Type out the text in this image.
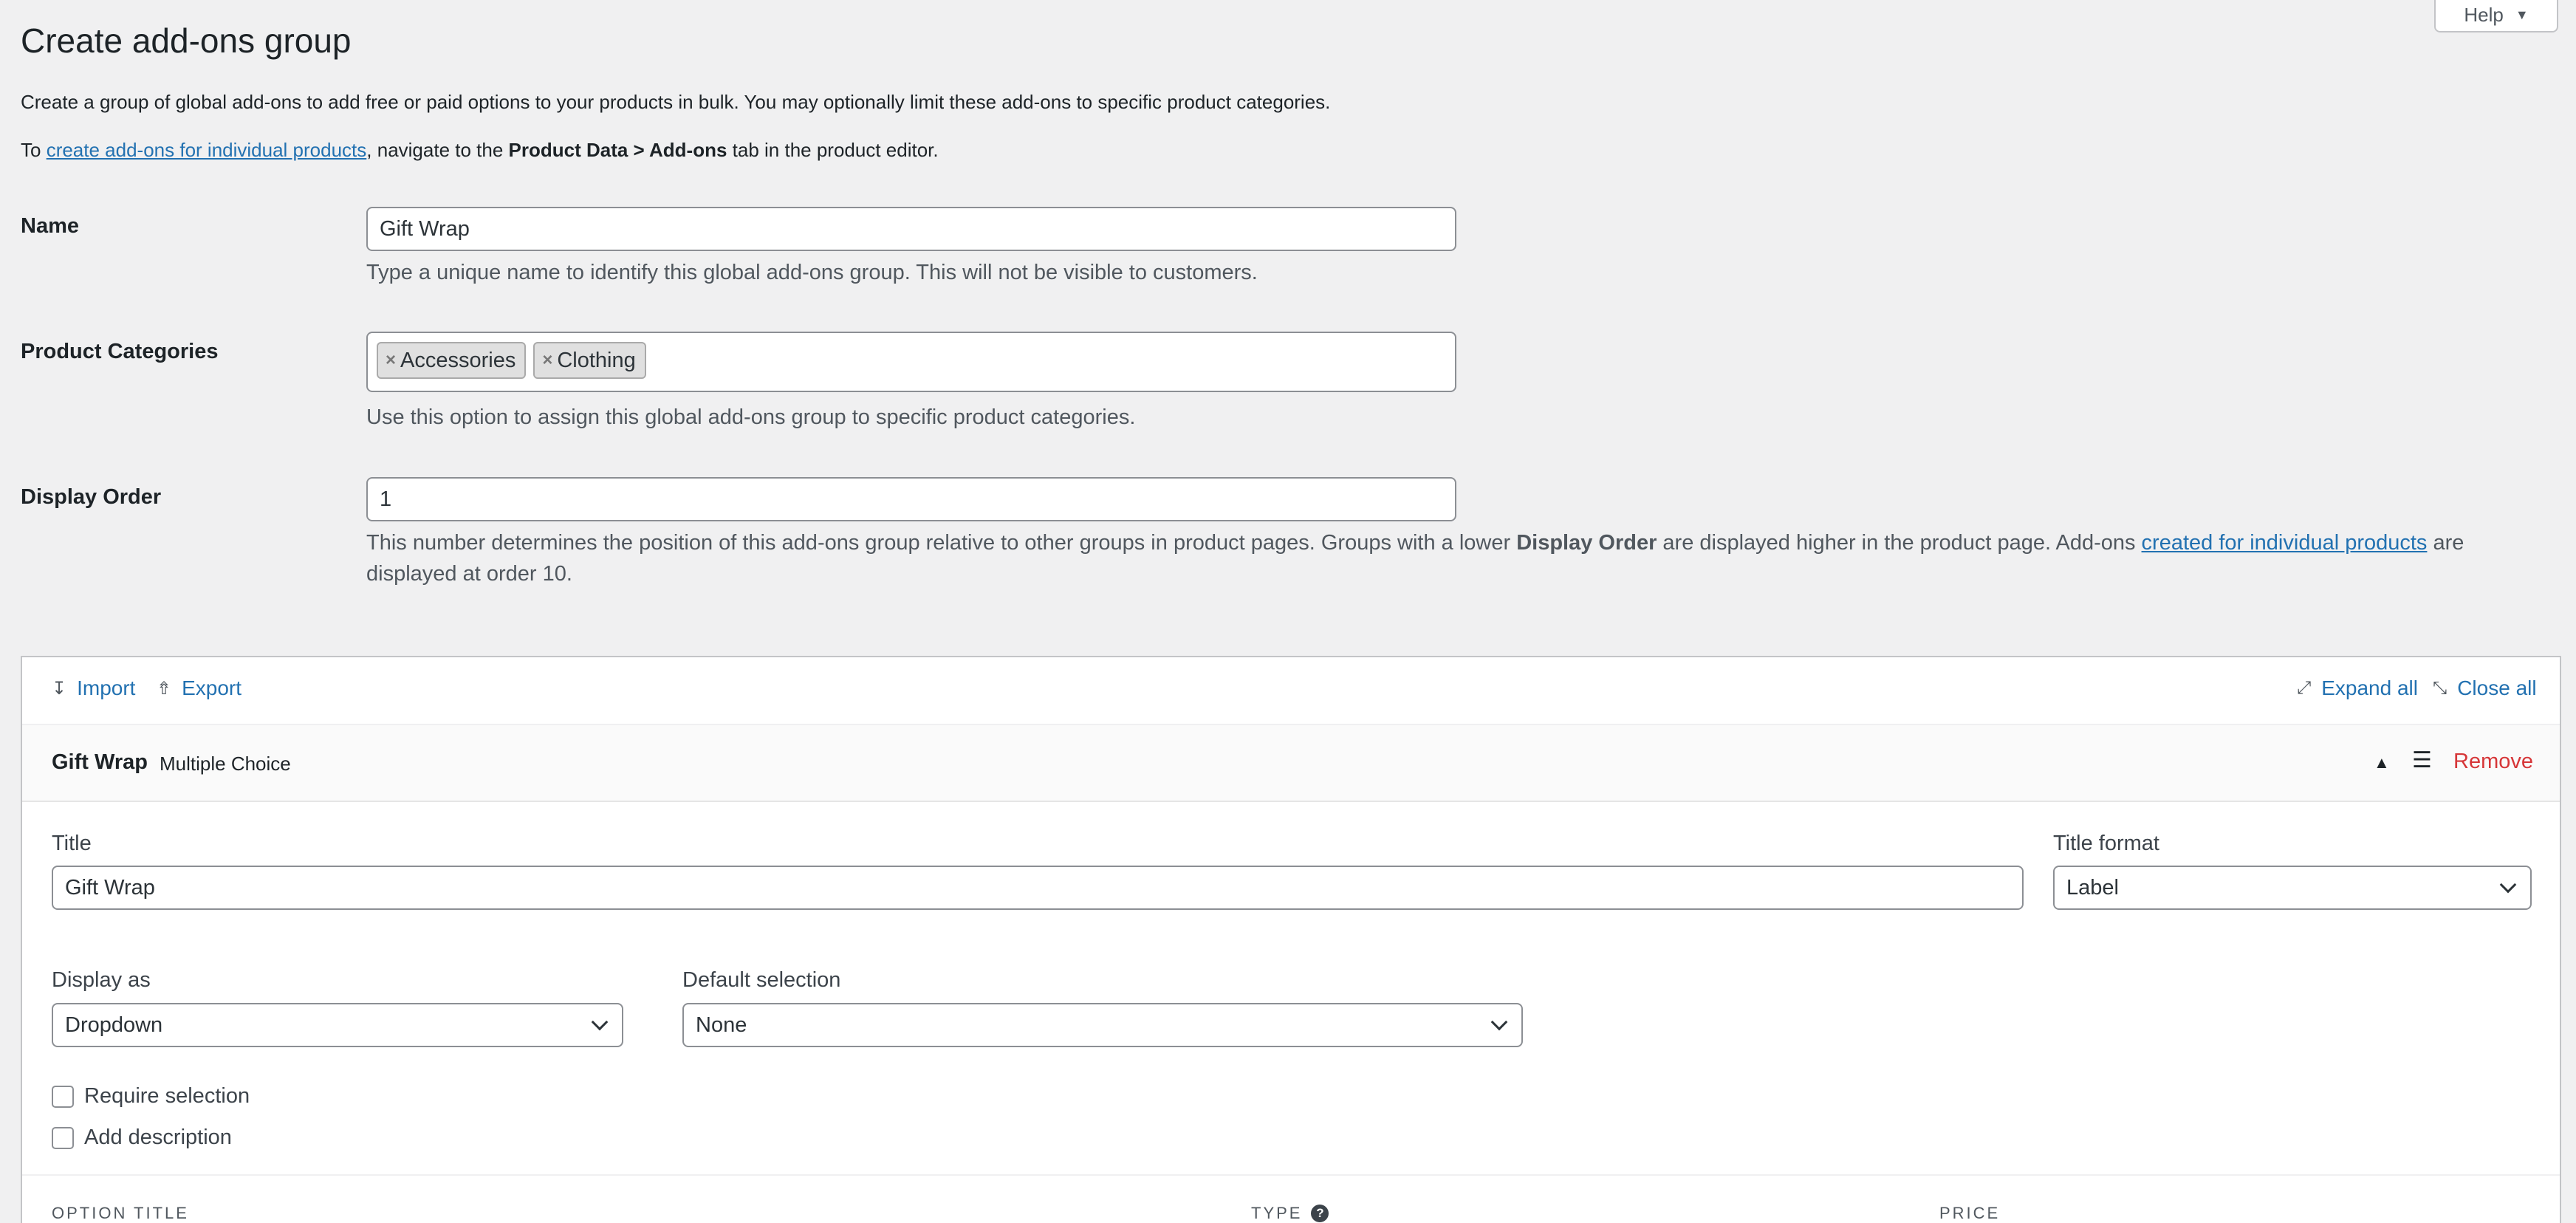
Help ▼
Create add-ons group

Create a group of global add-ons to add free or paid options to your products in bulk. You may optionally limit these add-ons to specific product categories.

To create add-ons for individual products, navigate to the Product Data > Add-ons tab in the product editor.

Name	Gift Wrap

Type a unique name to identify this global add-ons group. This will not be visible to customers.

Product Categories	× Accessories × Clothing

Use this option to assign this global add-ons group to specific product categories.

Display Order	1

This number determines the position of this add-ons group relative to other groups in product pages. Groups with a lower Display Order are displayed higher in the product page. Add-ons created for individual products are
displayed at order 10.

↧ Import ⇮ Export	⤢ Expand all ⤡ Close all
Gift Wrap Multiple Choice	▲ ☰ Remove
Title
Gift Wrap
Title format
Label
Display as
Dropdown
Default selection
None
Require selection
Add description
OPTION TITLE	TYPE	?	PRICE
